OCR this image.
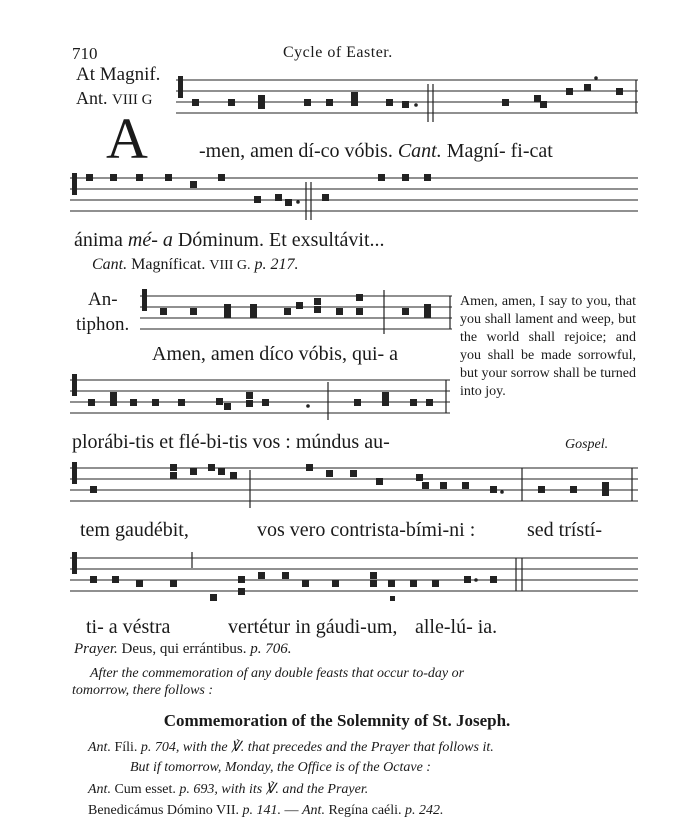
710	Cycle of Easter.
At Magnif.
Ant. VIII G
A	-men, amen dí-co vóbis. Cant. Magní- fi-cat
ánima mé- a Dóminum. Et exsultávit...
Cant. Magníficat. VIII G. p. 217.
An-
tiphon.
Amen, amen díco vóbis, qui- a
Amen, amen, I say to you, that you shall lament and weep, but the world shall rejoice; and you shall be made sorrowful, but your sorrow shall be turned into joy.
plorábi-tis et flé-bi-tis vos : múndus au-	Gospel.
tem gaudébit,	vos vero contrista-bími-ni :	sed trístí-
ti- a véstra	vertétur in gáudi-um, alle-lú- ia.
Prayer. Deus, qui errántibus. p. 706.
After the commemoration of any double feasts that occur to-day or
tomorrow, there follows :
Commemoration of the Solemnity of St. Joseph.
Ant. Fíli. p. 704, with the ℣. that precedes and the Prayer that follows it.
But if tomorrow, Monday, the Office is of the Octave :
Ant. Cum esset. p. 693, with its ℣. and the Prayer.
Benedicámus Dómino VII. p. 141. — Ant. Regína caéli. p. 242.
